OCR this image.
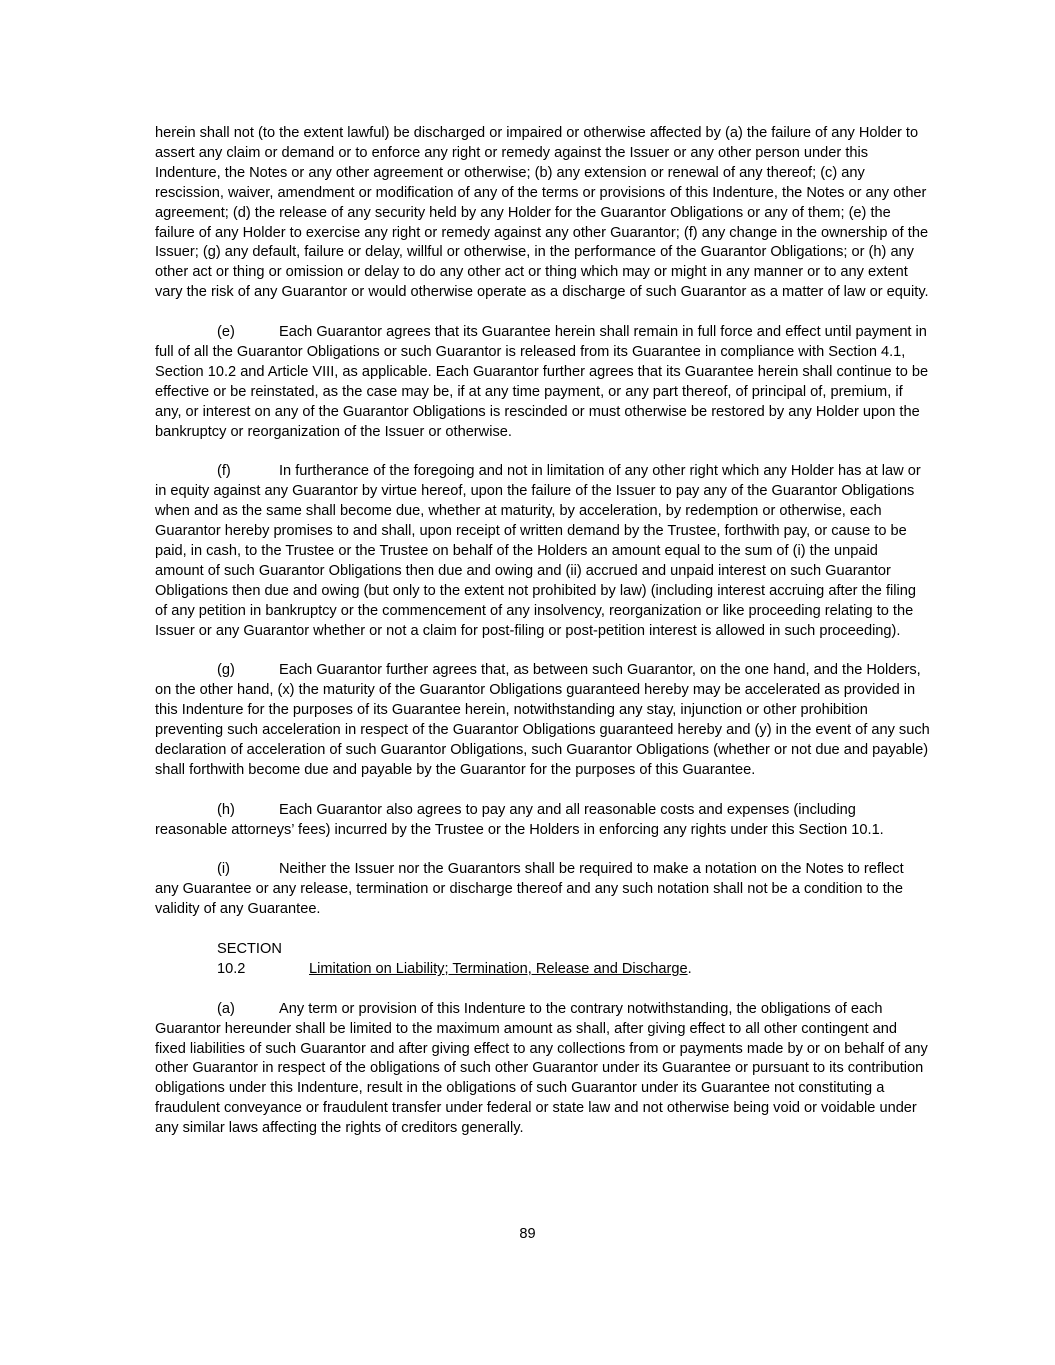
herein shall not (to the extent lawful) be discharged or impaired or otherwise affected by (a) the failure of any Holder to assert any claim or demand or to enforce any right or remedy against the Issuer or any other person under this Indenture, the Notes or any other agreement or otherwise; (b) any extension or renewal of any thereof; (c) any rescission, waiver, amendment or modification of any of the terms or provisions of this Indenture, the Notes or any other agreement; (d) the release of any security held by any Holder for the Guarantor Obligations or any of them; (e) the failure of any Holder to exercise any right or remedy against any other Guarantor; (f) any change in the ownership of the Issuer; (g) any default, failure or delay, willful or otherwise, in the performance of the Guarantor Obligations; or (h) any other act or thing or omission or delay to do any other act or thing which may or might in any manner or to any extent vary the risk of any Guarantor or would otherwise operate as a discharge of such Guarantor as a matter of law or equity.

(e)	Each Guarantor agrees that its Guarantee herein shall remain in full force and effect until payment in full of all the Guarantor Obligations or such Guarantor is released from its Guarantee in compliance with Section 4.1, Section 10.2 and Article VIII, as applicable. Each Guarantor further agrees that its Guarantee herein shall continue to be effective or be reinstated, as the case may be, if at any time payment, or any part thereof, of principal of, premium, if any, or interest on any of the Guarantor Obligations is rescinded or must otherwise be restored by any Holder upon the bankruptcy or reorganization of the Issuer or otherwise.

(f)	In furtherance of the foregoing and not in limitation of any other right which any Holder has at law or in equity against any Guarantor by virtue hereof, upon the failure of the Issuer to pay any of the Guarantor Obligations when and as the same shall become due, whether at maturity, by acceleration, by redemption or otherwise, each Guarantor hereby promises to and shall, upon receipt of written demand by the Trustee, forthwith pay, or cause to be paid, in cash, to the Trustee or the Trustee on behalf of the Holders an amount equal to the sum of (i) the unpaid amount of such Guarantor Obligations then due and owing and (ii) accrued and unpaid interest on such Guarantor Obligations then due and owing (but only to the extent not prohibited by law) (including interest accruing after the filing of any petition in bankruptcy or the commencement of any insolvency, reorganization or like proceeding relating to the Issuer or any Guarantor whether or not a claim for post-filing or post-petition interest is allowed in such proceeding).

(g)	Each Guarantor further agrees that, as between such Guarantor, on the one hand, and the Holders, on the other hand, (x) the maturity of the Guarantor Obligations guaranteed hereby may be accelerated as provided in this Indenture for the purposes of its Guarantee herein, notwithstanding any stay, injunction or other prohibition preventing such acceleration in respect of the Guarantor Obligations guaranteed hereby and (y) in the event of any such declaration of acceleration of such Guarantor Obligations, such Guarantor Obligations (whether or not due and payable) shall forthwith become due and payable by the Guarantor for the purposes of this Guarantee.

(h)	Each Guarantor also agrees to pay any and all reasonable costs and expenses (including reasonable attorneys’ fees) incurred by the Trustee or the Holders in enforcing any rights under this Section 10.1.

(i)	Neither the Issuer nor the Guarantors shall be required to make a notation on the Notes to reflect any Guarantee or any release, termination or discharge thereof and any such notation shall not be a condition to the validity of any Guarantee.

SECTION 10.2	Limitation on Liability; Termination, Release and Discharge.

(a)	Any term or provision of this Indenture to the contrary notwithstanding, the obligations of each Guarantor hereunder shall be limited to the maximum amount as shall, after giving effect to all other contingent and fixed liabilities of such Guarantor and after giving effect to any collections from or payments made by or on behalf of any other Guarantor in respect of the obligations of such other Guarantor under its Guarantee or pursuant to its contribution obligations under this Indenture, result in the obligations of such Guarantor under its Guarantee not constituting a fraudulent conveyance or fraudulent transfer under federal or state law and not otherwise being void or voidable under any similar laws affecting the rights of creditors generally.

89
